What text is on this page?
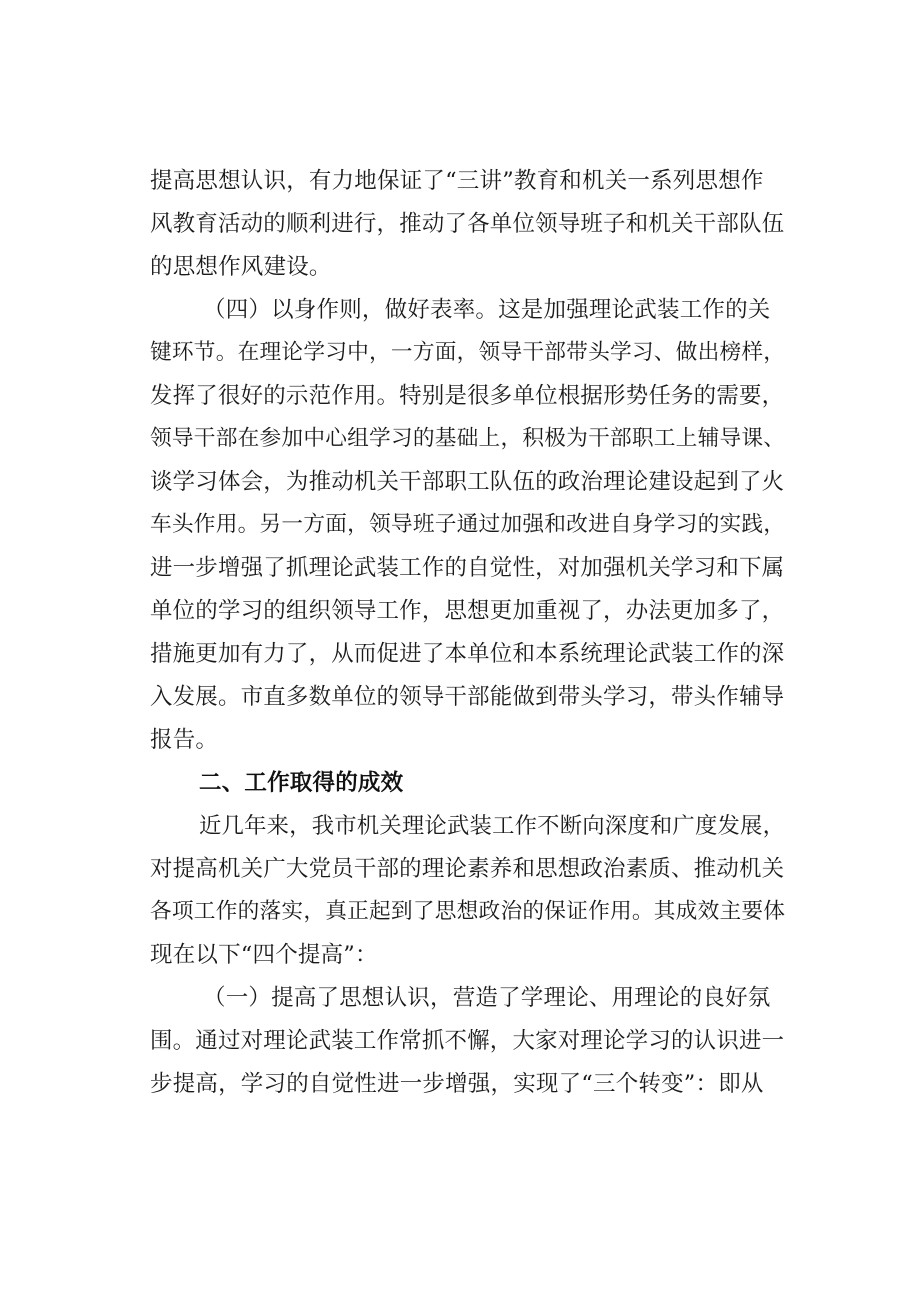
提高思想认识，有力地保证了“三讲”教育和机关一系列思想作
风教育活动的顺利进行，推动了各单位领导班子和机关干部队伍
的思想作风建设。
（四）以身作则，做好表率。这是加强理论武装工作的关
键环节。在理论学习中，一方面，领导干部带头学习、做出榜样，
发挥了很好的示范作用。特别是很多单位根据形势任务的需要，
领导干部在参加中心组学习的基础上，积极为干部职工上辅导课、
谈学习体会，为推动机关干部职工队伍的政治理论建设起到了火
车头作用。另一方面，领导班子通过加强和改进自身学习的实践，
进一步增强了抓理论武装工作的自觉性，对加强机关学习和下属
单位的学习的组织领导工作，思想更加重视了，办法更加多了，
措施更加有力了，从而促进了本单位和本系统理论武装工作的深
入发展。市直多数单位的领导干部能做到带头学习，带头作辅导
报告。
二、工作取得的成效
近几年来，我市机关理论武装工作不断向深度和广度发展，
对提高机关广大党员干部的理论素养和思想政治素质、推动机关
各项工作的落实，真正起到了思想政治的保证作用。其成效主要体
现在以下“四个提高”：
（一）提高了思想认识，营造了学理论、用理论的良好氛
围。通过对理论武装工作常抓不懈，大家对理论学习的认识进一
步提高，学习的自觉性进一步增强，实现了“三个转变”：即从
